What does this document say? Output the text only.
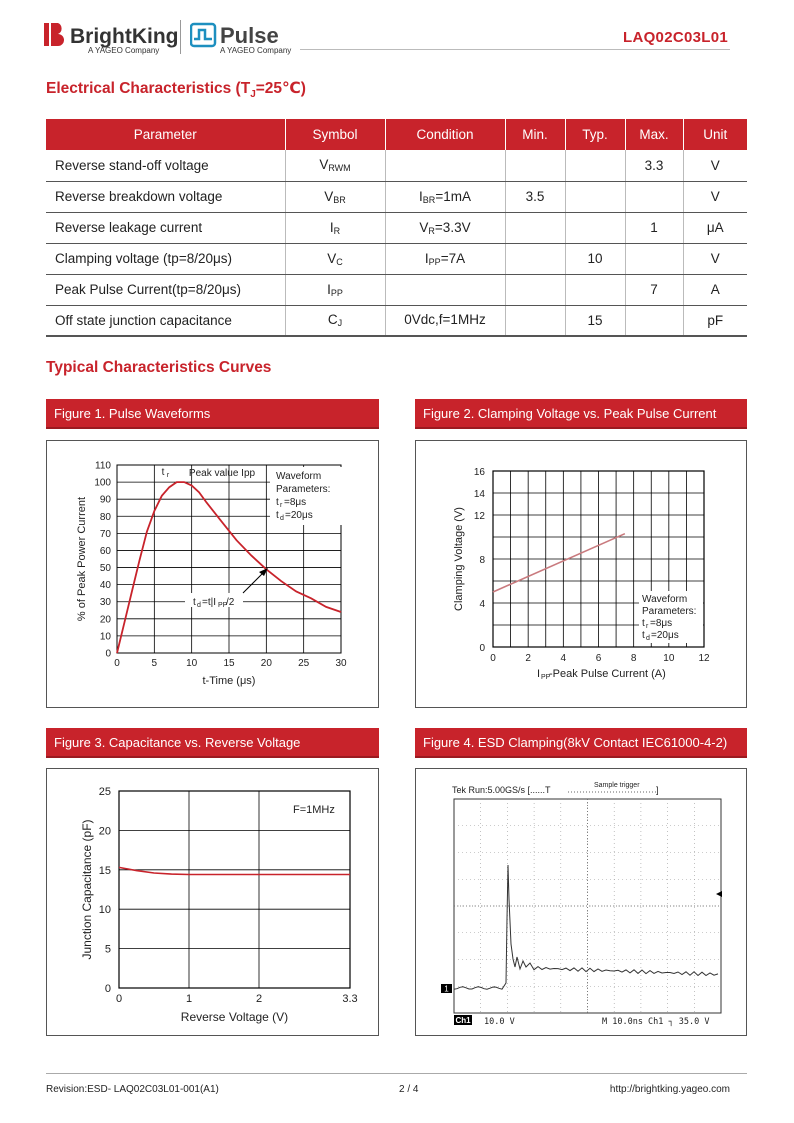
BrightKing
A YAGEO Company
Pulse
A YAGEO Company
LAQ02C03L01
Electrical Characteristics $(T_J=25℃)$
Parameter	Symbol	Condition	Min.	Typ.	Max.	Unit
Reverse stand-off voltage	$V_{RWM}$				3.3	V
Reverse breakdown voltage	$V_{BR}$	$I_{BR}=1mA$	3.5			V
Reverse leakage current	$I_R$	$V_R=3.3V$			1	μA
Clamping voltage (tp=8/20μs)	$V_C$	$I_{PP}=7A$		10		V
Peak Pulse Current(tp=8/20μs)	$I_{PP}$				7	A
Off state junction capacitance	$C_J$	0Vdc,f=1MHz		15		pF
Typical Characteristics Curves
Figure 1. Pulse Waveforms
0	5	10	15	20	25	30
0
10
20
30
40
50
60
70
80
90
100
110
t r Peak value Ipp Waveform
Parameters:
t r =8μs
t d =20μs
t d =t|I PP
/2
t-Time (μs)
% of Peak Power Current
Figure 2. Clamping Voltage vs. Peak Pulse Current
0	2	4	6	8	10 12
0
4
8
12
14
16
Waveform
Parameters:
t r =8μs
t d =20μs
I PP
-Peak Pulse Current (A)
Clamping Voltage (V)
Figure 3. Capacitance vs. Reverse Voltage
0	1	2	3.3
0
5
10
15
20
25
F=1MHz
Reverse Voltage (V)
Junction Capacitance (pF)
Figure 4. ESD Clamping(8kV Contact IEC61000-4-2)
1
Tek Run:5.00GS/s [......T	Sample trigger ]
Ch1 10.0 V	M 10.0ns Ch1 ┐ 35.0 V
Revision:ESD- LAQ02C03L01-001(A1)	2 / 4	http://brightking.yageo.com
